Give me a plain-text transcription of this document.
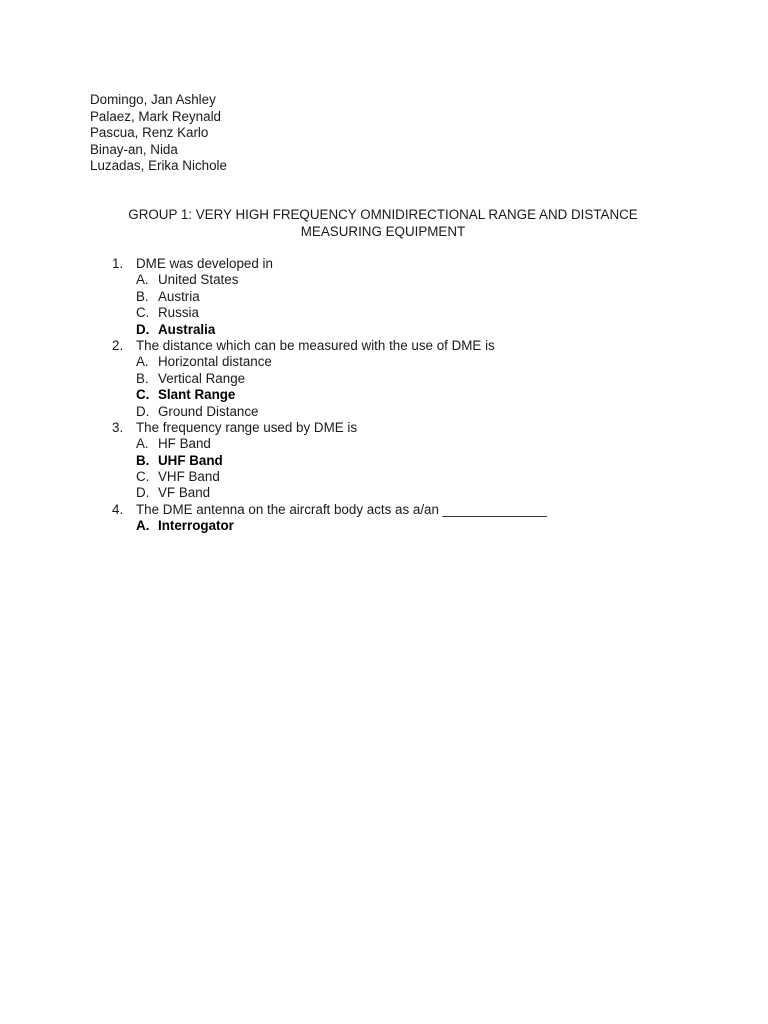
Domingo, Jan Ashley
Palaez, Mark Reynald
Pascua, Renz Karlo
Binay-an, Nida
Luzadas, Erika Nichole
GROUP 1: VERY HIGH FREQUENCY OMNIDIRECTIONAL RANGE AND DISTANCE
MEASURING EQUIPMENT
1. DME was developed in
A. United States
B. Austria
C. Russia
D. Australia
2. The distance which can be measured with the use of DME is
A. Horizontal distance
B. Vertical Range
C. Slant Range
D. Ground Distance
3. The frequency range used by DME is
A. HF Band
B. UHF Band
C. VHF Band
D. VF Band
4. The DME antenna on the aircraft body acts as a/an ______________
A. Interrogator
